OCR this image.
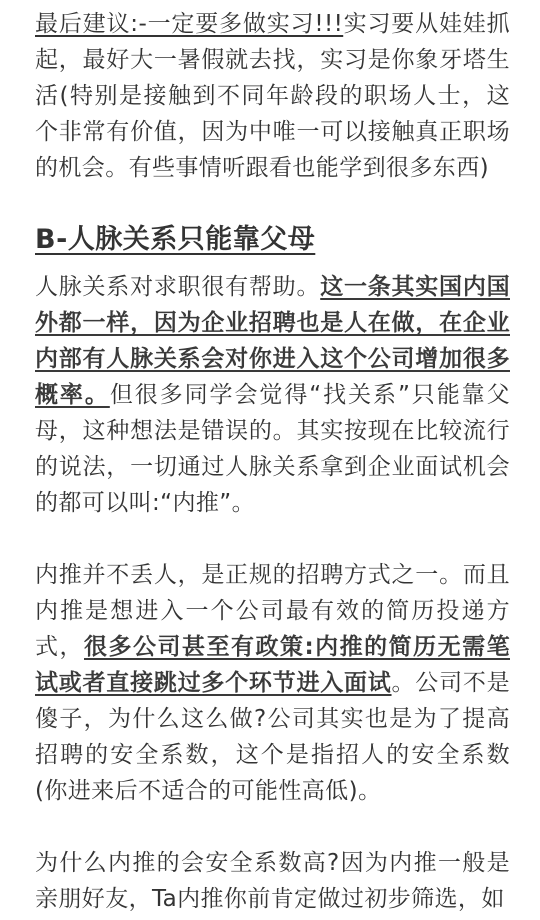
最后建议:-一定要多做实习!!!实习要从娃娃抓起，最好大一暑假就去找，实习是你象牙塔生活(特别是接触到不同年龄段的职场人士，这个非常有价值，因为中唯一可以接触真正职场的机会。有些事情听跟看也能学到很多东西)

B-人脉关系只能靠父母

人脉关系对求职很有帮助。这一条其实国内国外都一样，因为企业招聘也是人在做，在企业内部有人脉关系会对你进入这个公司增加很多概率。但很多同学会觉得“找关系”只能靠父母，这种想法是错误的。其实按现在比较流行的说法，一切通过人脉关系拿到企业面试机会的都可以叫:“内推”。

内推并不丢人，是正规的招聘方式之一。而且内推是想进入一个公司最有效的简历投递方式，很多公司甚至有政策:内推的简历无需笔试或者直接跳过多个环节进入面试。公司不是傻子，为什么这么做?公司其实也是为了提高招聘的安全系数，这个是指招人的安全系数(你进来后不适合的可能性高低)。

为什么内推的会安全系数高?因为内推一般是亲朋好友，Ta内推你前肯定做过初步筛选，如
